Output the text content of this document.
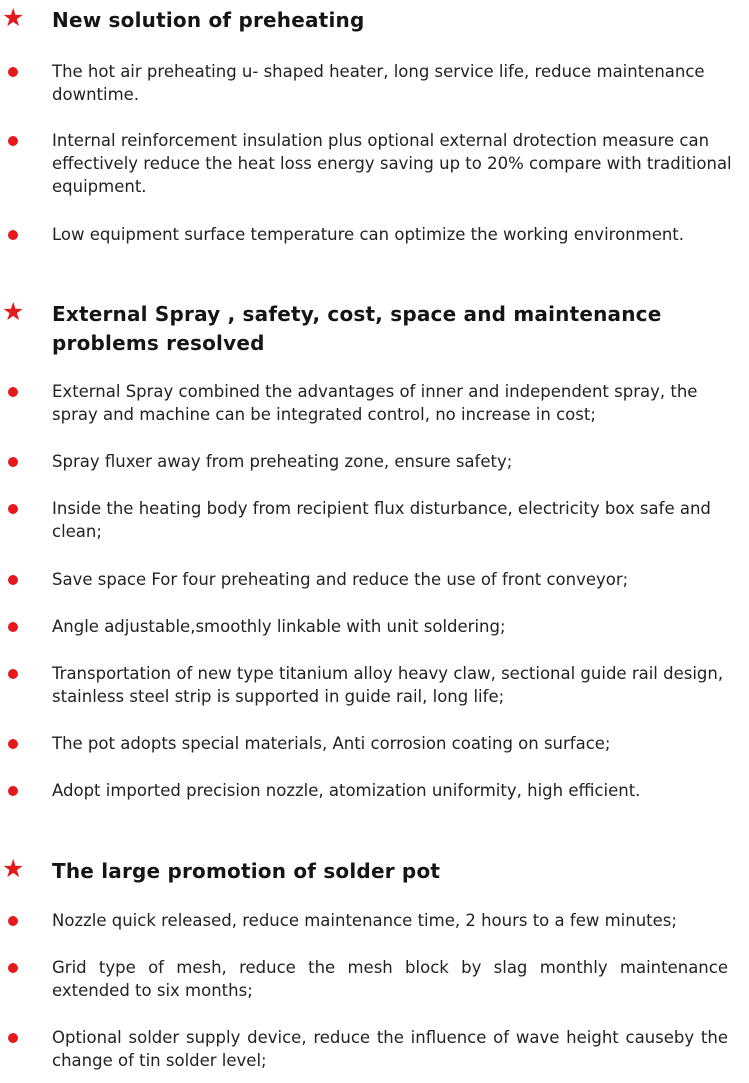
★ New solution of preheating
The hot air preheating u- shaped heater, long service life, reduce maintenance downtime.
Internal reinforcement insulation plus optional external drotection measure can effectively reduce the heat loss energy saving up to 20% compare with traditional equipment.
Low equipment surface temperature can optimize the working environment.
★ External Spray , safety, cost, space and maintenance problems resolved
External Spray combined the advantages of inner and independent spray, the spray and machine can be integrated control, no increase in cost;
Spray fluxer away from preheating zone, ensure safety;
Inside the heating body from recipient flux disturbance, electricity box safe and clean;
Save space For four preheating and reduce the use of front conveyor;
Angle adjustable,smoothly linkable with unit soldering;
Transportation of new type titanium alloy heavy claw, sectional guide rail design, stainless steel strip is supported in guide rail, long life;
The pot adopts special materials, Anti corrosion coating on surface;
Adopt imported precision nozzle, atomization uniformity, high efficient.
★ The large promotion of solder pot
Nozzle quick released, reduce maintenance time, 2 hours to a few minutes;
Grid type of mesh, reduce the mesh block by slag monthly maintenance extended to six months;
Optional solder supply device, reduce the influence of wave height causeby the change of tin solder level;
